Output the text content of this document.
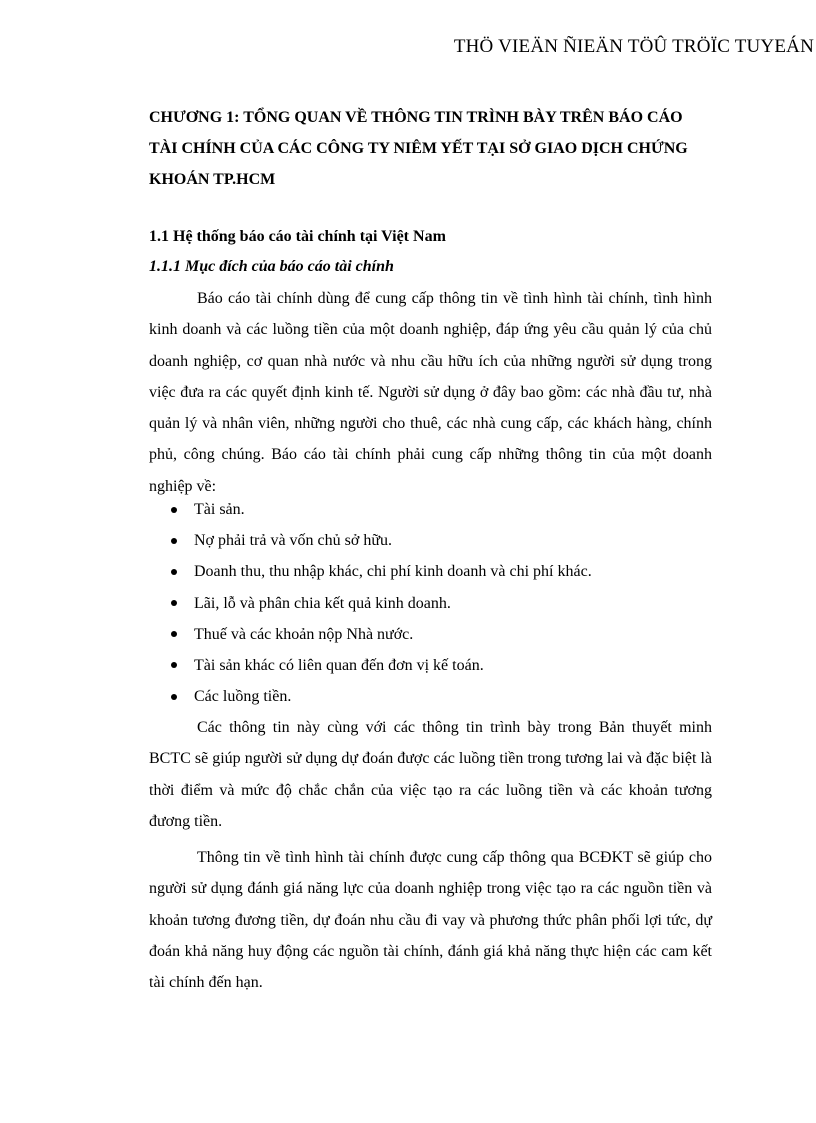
THÖ VIEÄN ÑIEÄN TÖÛ TRÖÏC TUYEÁN
CHƯƠNG 1: TỔNG QUAN VỀ THÔNG TIN TRÌNH BÀY TRÊN BÁO CÁO
TÀI CHÍNH CỦA CÁC CÔNG TY NIÊM YẾT TẠI SỞ GIAO DỊCH CHỨNG
KHOÁN TP.HCM
1.1 Hệ thống báo cáo tài chính tại Việt Nam
1.1.1 Mục đích của báo cáo tài chính

Báo cáo tài chính dùng để cung cấp thông tin về tình hình tài chính, tình hình kinh doanh và các luồng tiền của một doanh nghiệp, đáp ứng yêu cầu quản lý của chủ doanh nghiệp, cơ quan nhà nước và nhu cầu hữu ích của những người sử dụng trong việc đưa ra các quyết định kinh tế. Người sử dụng ở đây bao gồm: các nhà đầu tư, nhà quản lý và nhân viên, những người cho thuê, các nhà cung cấp, các khách hàng, chính phủ, công chúng. Báo cáo tài chính phải cung cấp những thông tin của một doanh nghiệp về:

Tài sản.
Nợ phải trả và vốn chủ sở hữu.
Doanh thu, thu nhập khác, chi phí kinh doanh và chi phí khác.
Lãi, lỗ và phân chia kết quả kinh doanh.
Thuế và các khoản nộp Nhà nước.
Tài sản khác có liên quan đến đơn vị kế toán.
Các luồng tiền.

Các thông tin này cùng với các thông tin trình bày trong Bản thuyết minh BCTC sẽ giúp người sử dụng dự đoán được các luồng tiền trong tương lai và đặc biệt là thời điểm và mức độ chắc chắn của việc tạo ra các luồng tiền và các khoản tương đương tiền.

Thông tin về tình hình tài chính được cung cấp thông qua BCĐKT sẽ giúp cho người sử dụng đánh giá năng lực của doanh nghiệp trong việc tạo ra các nguồn tiền và khoản tương đương tiền, dự đoán nhu cầu đi vay và phương thức phân phối lợi tức, dự đoán khả năng huy động các nguồn tài chính, đánh giá khả năng thực hiện các cam kết tài chính đến hạn.
